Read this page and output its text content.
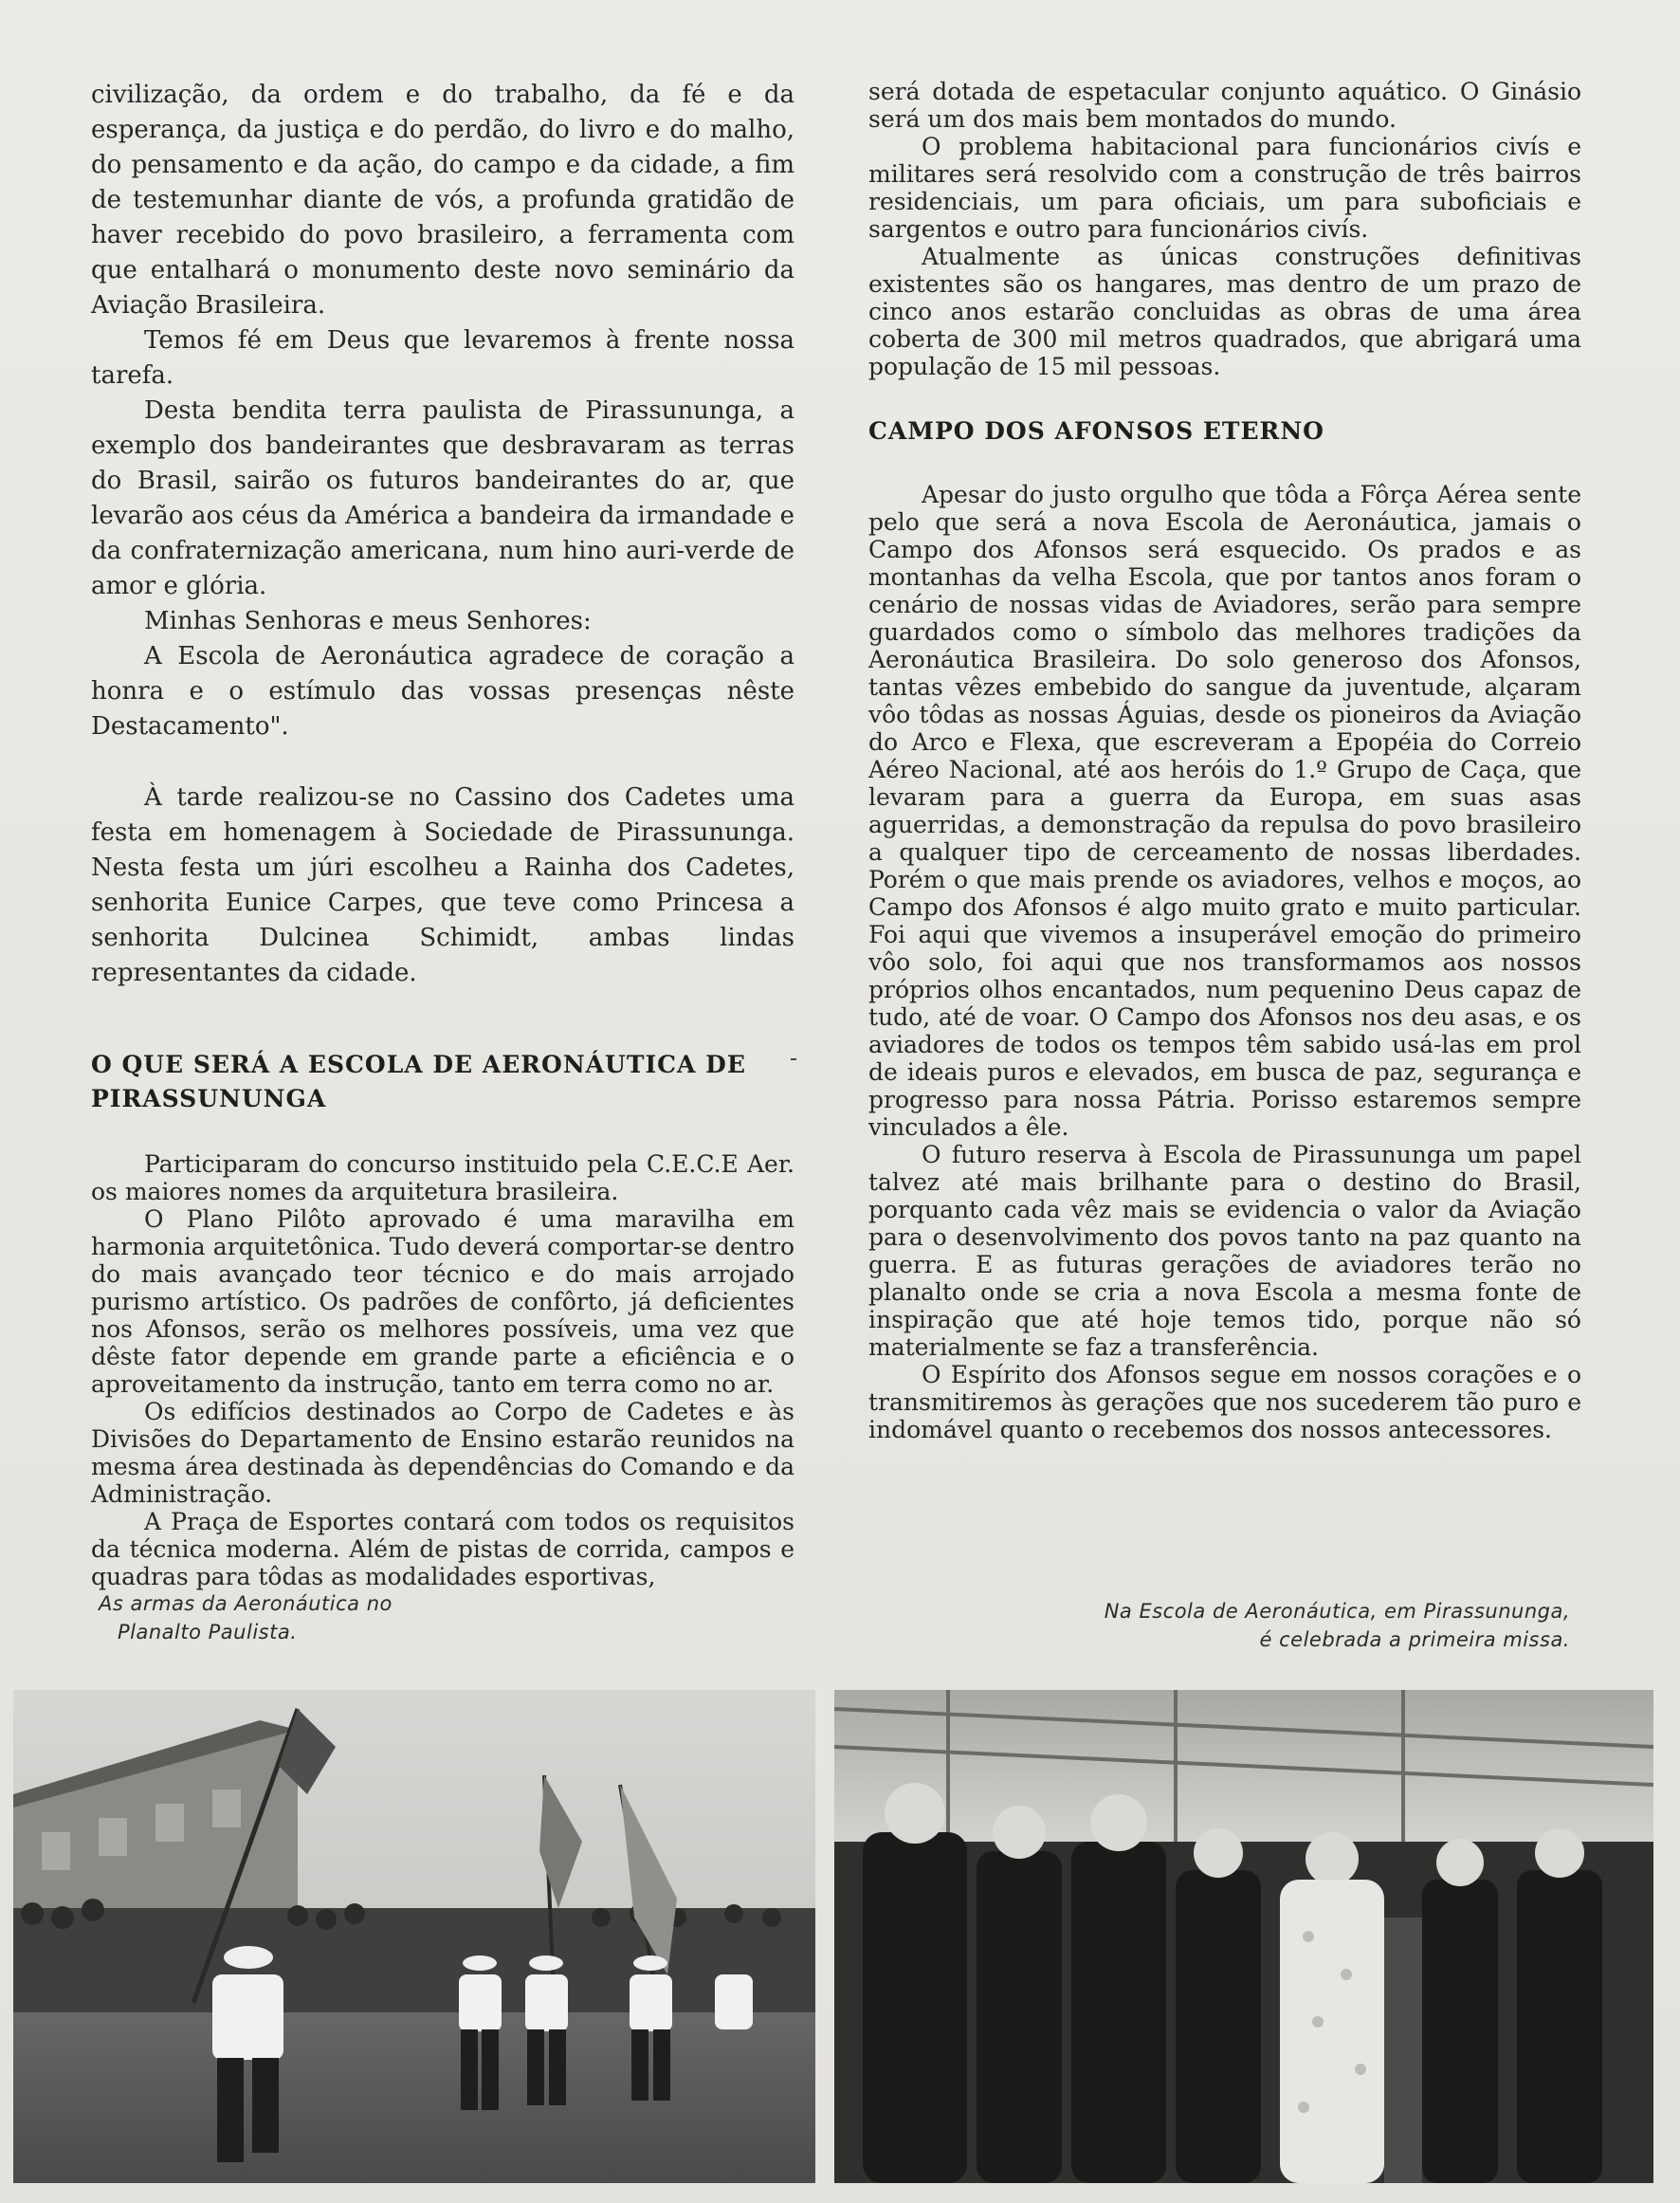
civilização, da ordem e do trabalho, da fé e da esperança, da justiça e do perdão, do livro e do malho, do pensamento e da ação, do campo e da cidade, a fim de testemunhar diante de vós, a profunda gratidão de haver recebido do povo brasileiro, a ferramenta com que entalhará o monumento deste novo seminário da Aviação Brasileira.

Temos fé em Deus que levaremos à frente nossa tarefa.

Desta bendita terra paulista de Pirassununga, a exemplo dos bandeirantes que desbravaram as terras do Brasil, sairão os futuros bandeirantes do ar, que levarão aos céus da América a bandeira da irmandade e da confraternização americana, num hino auri-verde de amor e glória.

Minhas Senhoras e meus Senhores:

A Escola de Aeronáutica agradece de coração a honra e o estímulo das vossas presenças nêste Destacamento".

À tarde realizou-se no Cassino dos Cadetes uma festa em homenagem à Sociedade de Pirassununga. Nesta festa um júri escolheu a Rainha dos Cadetes, senhorita Eunice Carpes, que teve como Princesa a senhorita Dulcinea Schimidt, ambas lindas representantes da cidade.

O QUE SERÁ A ESCOLA DE AERONÁUTICA DE PIRASSUNUNGA

Participaram do concurso instituido pela C.E.C.E Aer. os maiores nomes da arquitetura brasileira.

O Plano Pilôto aprovado é uma maravilha em harmonia arquitetônica. Tudo deverá comportar-se dentro do mais avançado teor técnico e do mais arrojado purismo artístico. Os padrões de confôrto, já deficientes nos Afonsos, serão os melhores possíveis, uma vez que dêste fator depende em grande parte a eficiência e o aproveitamento da instrução, tanto em terra como no ar.

Os edifícios destinados ao Corpo de Cadetes e às Divisões do Departamento de Ensino estarão reunidos na mesma área destinada às dependências do Comando e da Administração.

A Praça de Esportes contará com todos os requisitos da técnica moderna. Além de pistas de corrida, campos e quadras para tôdas as modalidades esportivas,

será dotada de espetacular conjunto aquático. O Ginásio será um dos mais bem montados do mundo.

O problema habitacional para funcionários civís e militares será resolvido com a construção de três bairros residenciais, um para oficiais, um para suboficiais e sargentos e outro para funcionários civís.

Atualmente as únicas construções definitivas existentes são os hangares, mas dentro de um prazo de cinco anos estarão concluidas as obras de uma área coberta de 300 mil metros quadrados, que abrigará uma população de 15 mil pessoas.

CAMPO DOS AFONSOS ETERNO

Apesar do justo orgulho que tôda a Fôrça Aérea sente pelo que será a nova Escola de Aeronáutica, jamais o Campo dos Afonsos será esquecido. Os prados e as montanhas da velha Escola, que por tantos anos foram o cenário de nossas vidas de Aviadores, serão para sempre guardados como o símbolo das melhores tradições da Aeronáutica Brasileira. Do solo generoso dos Afonsos, tantas vêzes embebido do sangue da juventude, alçaram vôo tôdas as nossas Águias, desde os pioneiros da Aviação do Arco e Flexa, que escreveram a Epopéia do Correio Aéreo Nacional, até aos heróis do 1.º Grupo de Caça, que levaram para a guerra da Europa, em suas asas aguerridas, a demonstração da repulsa do povo brasileiro a qualquer tipo de cerceamento de nossas liberdades. Porém o que mais prende os aviadores, velhos e moços, ao Campo dos Afonsos é algo muito grato e muito particular. Foi aqui que vivemos a insuperável emoção do primeiro vôo solo, foi aqui que nos transformamos aos nossos próprios olhos encantados, num pequenino Deus capaz de tudo, até de voar. O Campo dos Afonsos nos deu asas, e os aviadores de todos os tempos têm sabido usá-las em prol de ideais puros e elevados, em busca de paz, segurança e progresso para nossa Pátria. Porisso estaremos sempre vinculados a êle.

O futuro reserva à Escola de Pirassununga um papel talvez até mais brilhante para o destino do Brasil, porquanto cada vêz mais se evidencia o valor da Aviação para o desenvolvimento dos povos tanto na paz quanto na guerra. E as futuras gerações de aviadores terão no planalto onde se cria a nova Escola a mesma fonte de inspiração que até hoje temos tido, porque não só materialmente se faz a transferência.

O Espírito dos Afonsos segue em nossos corações e o transmitiremos às gerações que nos sucederem tão puro e indomável quanto o recebemos dos nossos antecessores.

As armas da Aeronáutica no
Planalto Paulista.
Na Escola de Aeronáutica, em Pirassununga,
é celebrada a primeira missa.
